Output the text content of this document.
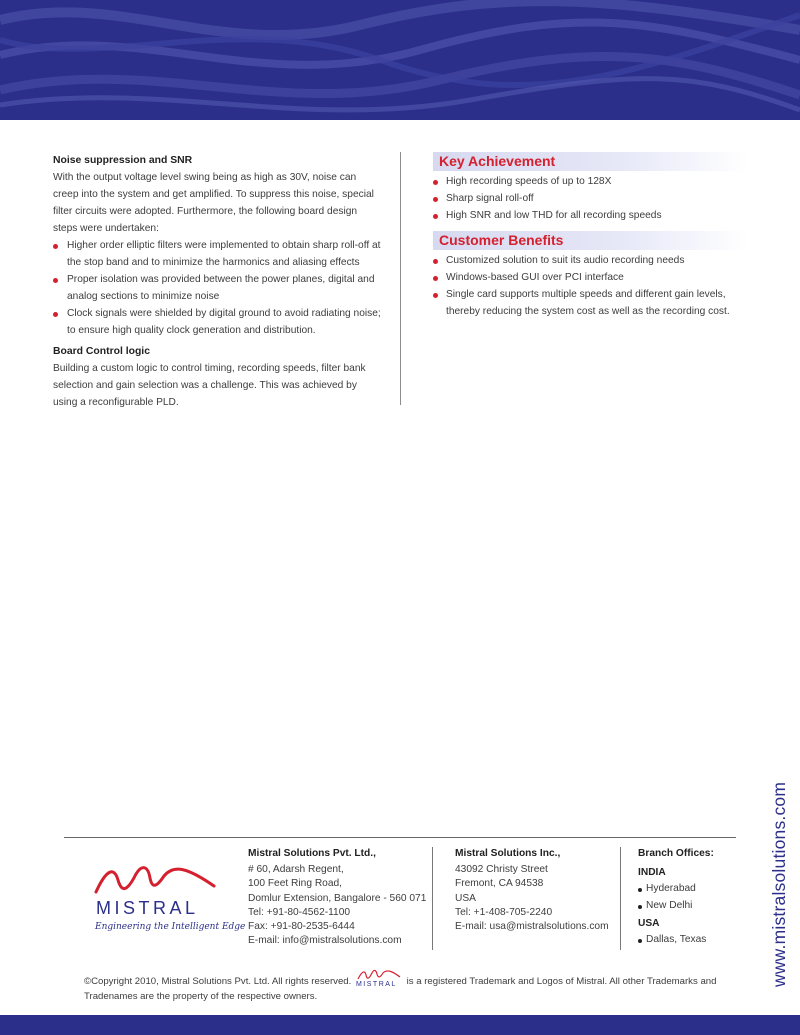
Noise suppression and SNR

With the output voltage level swing being as high as 30V, noise can creep into the system and get amplified. To suppress this noise, special filter circuits were adopted. Furthermore, the following board design steps were undertaken:

Higher order elliptic filters were implemented to obtain sharp roll-off at the stop band and to minimize the harmonics and aliasing effects
Proper isolation was provided between the power planes, digital and analog sections to minimize noise
Clock signals were shielded by digital ground to avoid radiating noise; to ensure high quality clock generation and distribution.
Board Control logic

Building a custom logic to control timing, recording speeds, filter bank selection and gain selection was a challenge. This was achieved by using a reconfigurable PLD.

Key Achievement
High recording speeds of up to 128X
Sharp signal roll-off
High SNR and low THD for all recording speeds
Customer Benefits
Customized solution to suit its audio recording needs
Windows-based GUI over PCI interface
Single card supports multiple speeds and different gain levels, thereby reducing the system cost as well as the recording cost.
www.mistralsolutions.com
MISTRAL
Engineering the Intelligent Edge
Mistral Solutions Pvt. Ltd.,
# 60, Adarsh Regent,
100 Feet Ring Road,
Domlur Extension, Bangalore - 560 071
Tel: +91-80-4562-1100
Fax: +91-80-2535-6444
E-mail: info@mistralsolutions.com
Mistral Solutions Inc.,
43092 Christy Street
Fremont, CA 94538
USA
Tel: +1-408-705-2240
E-mail: usa@mistralsolutions.com
Branch Offices:
INDIA
Hyderabad
New Delhi
USA
Dallas, Texas
©Copyright 2010, Mistral Solutions Pvt. Ltd. All rights reserved. MISTRAL is a registered Trademark and Logos of Mistral. All other Trademarks and Tradenames are the property of the respective owners.
